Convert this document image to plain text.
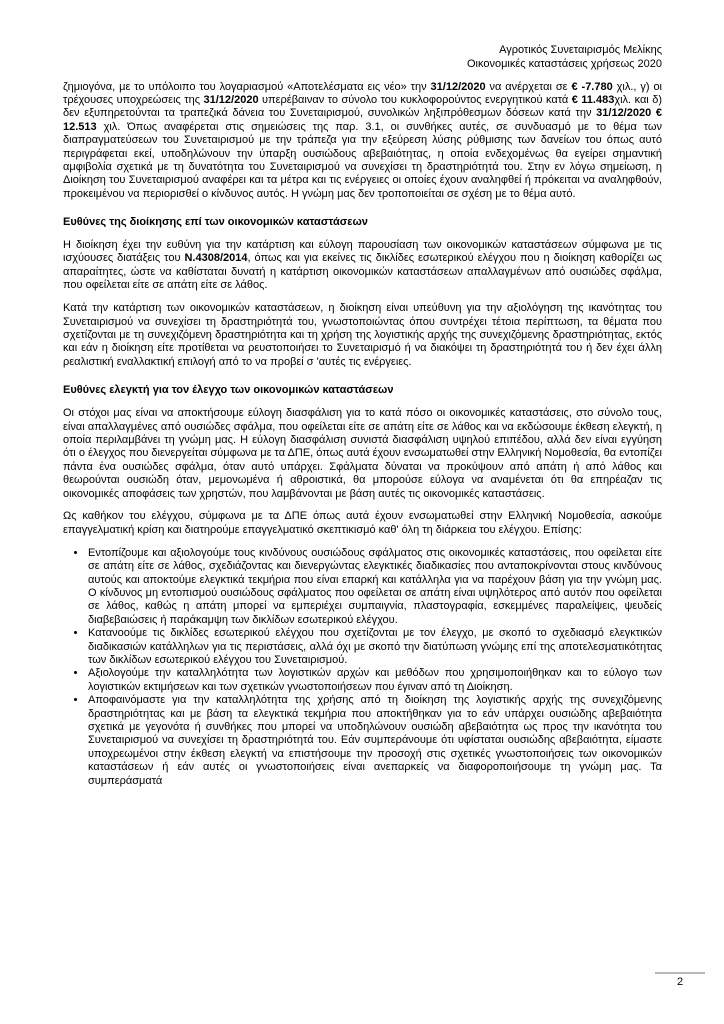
Αγροτικός Συνεταιρισμός Μελίκης
Οικονομικές καταστάσεις χρήσεως 2020

ζημιογόνα, με το υπόλοιπο του λογαριασμού «Αποτελέσματα εις νέο» την 31/12/2020 να ανέρχεται σε € -7.780 χιλ., γ) οι τρέχουσες υποχρεώσεις της 31/12/2020 υπερέβαιναν το σύνολο του κυκλοφορούντος ενεργητικού κατά € 11.483χιλ. και δ) δεν εξυπηρετούνται τα τραπεζικά δάνεια του Συνεταιρισμού, συνολικών ληξιπρόθεσμων δόσεων κατά την 31/12/2020 € 12.513 χιλ. Όπως αναφέρεται στις σημειώσεις της παρ. 3.1, οι συνθήκες αυτές, σε συνδυασμό με το θέμα των διαπραγματεύσεων του Συνεταιρισμού με την τράπεζα για την εξεύρεση λύσης ρύθμισης των δανείων του όπως αυτό περιγράφεται εκεί, υποδηλώνουν την ύπαρξη ουσιώδους αβεβαιότητας, η οποία ενδεχομένως θα εγείρει σημαντική αμφιβολία σχετικά με τη δυνατότητα του Συνεταιρισμού να συνεχίσει τη δραστηριότητά του. Στην εν λόγω σημείωση, η Διοίκηση του Συνεταιρισμού αναφέρει και τα μέτρα και τις ενέργειες οι οποίες έχουν αναληφθεί ή πρόκειται να αναληφθούν, προκειμένου να περιορισθεί ο κίνδυνος αυτός. Η γνώμη μας δεν τροποποιείται σε σχέση με το θέμα αυτό.

Ευθύνες της διοίκησης επί των οικονομικών καταστάσεων

Η διοίκηση έχει την ευθύνη για την κατάρτιση και εύλογη παρουσίαση των οικονομικών καταστάσεων σύμφωνα με τις ισχύουσες διατάξεις του Ν.4308/2014, όπως και για εκείνες τις δικλίδες εσωτερικού ελέγχου που η διοίκηση καθορίζει ως απαραίτητες, ώστε να καθίσταται δυνατή η κατάρτιση οικονομικών καταστάσεων απαλλαγμένων από ουσιώδες σφάλμα, που οφείλεται είτε σε απάτη είτε σε λάθος.

Κατά την κατάρτιση των οικονομικών καταστάσεων, η διοίκηση είναι υπεύθυνη για την αξιολόγηση της ικανότητας του Συνεταιρισμού να συνεχίσει τη δραστηριότητά του, γνωστοποιώντας όπου συντρέχει τέτοια περίπτωση, τα θέματα που σχετίζονται με τη συνεχιζόμενη δραστηριότητα και τη χρήση της λογιστικής αρχής της συνεχιζόμενης δραστηριότητας, εκτός και εάν η διοίκηση είτε προτίθεται να ρευστοποιήσει το Συνεταιρισμό ή να διακόψει τη δραστηριότητά του ή δεν έχει άλλη ρεαλιστική εναλλακτική επιλογή από το να προβεί σ 'αυτές τις ενέργειες.

Ευθύνες ελεγκτή για τον έλεγχο των οικονομικών καταστάσεων

Οι στόχοι μας είναι να αποκτήσουμε εύλογη διασφάλιση για το κατά πόσο οι οικονομικές καταστάσεις, στο σύνολο τους, είναι απαλλαγμένες από ουσιώδες σφάλμα, που οφείλεται είτε σε απάτη είτε σε λάθος και να εκδώσουμε έκθεση ελεγκτή, η οποία περιλαμβάνει τη γνώμη μας. Η εύλογη διασφάλιση συνιστά διασφάλιση υψηλού επιπέδου, αλλά δεν είναι εγγύηση ότι ο έλεγχος που διενεργείται σύμφωνα με τα ΔΠΕ, όπως αυτά έχουν ενσωματωθεί στην Ελληνική Νομοθεσία, θα εντοπίζει πάντα ένα ουσιώδες σφάλμα, όταν αυτό υπάρχει. Σφάλματα δύναται να προκύψουν από απάτη ή από λάθος και θεωρούνται ουσιώδη όταν, μεμονωμένα ή αθροιστικά, θα μπορούσε εύλογα να αναμένεται ότι θα επηρέαζαν τις οικονομικές αποφάσεις των χρηστών, που λαμβάνονται με βάση αυτές τις οικονομικές καταστάσεις.

Ως καθήκον του ελέγχου, σύμφωνα με τα ΔΠΕ όπως αυτά έχουν ενσωματωθεί στην Ελληνική Νομοθεσία, ασκούμε επαγγελματική κρίση και διατηρούμε επαγγελματικό σκεπτικισμό καθ' όλη τη διάρκεια του ελέγχου. Επίσης:

• Εντοπίζουμε και αξιολογούμε τους κινδύνους ουσιώδους σφάλματος στις οικονομικές καταστάσεις, που οφείλεται είτε σε απάτη είτε σε λάθος, σχεδιάζοντας και διενεργώντας ελεγκτικές διαδικασίες που ανταποκρίνονται στους κινδύνους αυτούς και αποκτούμε ελεγκτικά τεκμήρια που είναι επαρκή και κατάλληλα για να παρέχουν βάση για την γνώμη μας. Ο κίνδυνος μη εντοπισμού ουσιώδους σφάλματος που οφείλεται σε απάτη είναι υψηλότερος από αυτόν που οφείλεται σε λάθος, καθώς η απάτη μπορεί να εμπεριέχει συμπαιγνία, πλαστογραφία, εσκεμμένες παραλείψεις, ψευδείς διαβεβαιώσεις ή παράκαμψη των δικλίδων εσωτερικού ελέγχου.
• Κατανοούμε τις δικλίδες εσωτερικού ελέγχου που σχετίζονται με τον έλεγχο, με σκοπό το σχεδιασμό ελεγκτικών διαδικασιών κατάλληλων για τις περιστάσεις, αλλά όχι με σκοπό την διατύπωση γνώμης επί της αποτελεσματικότητας των δικλίδων εσωτερικού ελέγχου του Συνεταιρισμού.
• Αξιολογούμε την καταλληλότητα των λογιστικών αρχών και μεθόδων που χρησιμοποιήθηκαν και το εύλογο των λογιστικών εκτιμήσεων και των σχετικών γνωστοποιήσεων που έγιναν από τη Διοίκηση.
• Αποφαινόμαστε για την καταλληλότητα της χρήσης από τη διοίκηση της λογιστικής αρχής της συνεχιζόμενης δραστηριότητας και με βάση τα ελεγκτικά τεκμήρια που αποκτήθηκαν για το εάν υπάρχει ουσιώδης αβεβαιότητα σχετικά με γεγονότα ή συνθήκες που μπορεί να υποδηλώνουν ουσιώδη αβεβαιότητα ως προς την ικανότητα του Συνεταιρισμού να συνεχίσει τη δραστηριότητά του. Εάν συμπεράνουμε ότι υφίσταται ουσιώδης αβεβαιότητα, είμαστε υποχρεωμένοι στην έκθεση ελεγκτή να επιστήσουμε την προσοχή στις σχετικές γνωστοποιήσεις των οικονομικών καταστάσεων ή εάν αυτές οι γνωστοποιήσεις είναι ανεπαρκείς να διαφοροποιήσουμε τη γνώμη μας. Τα συμπεράσματά
2
